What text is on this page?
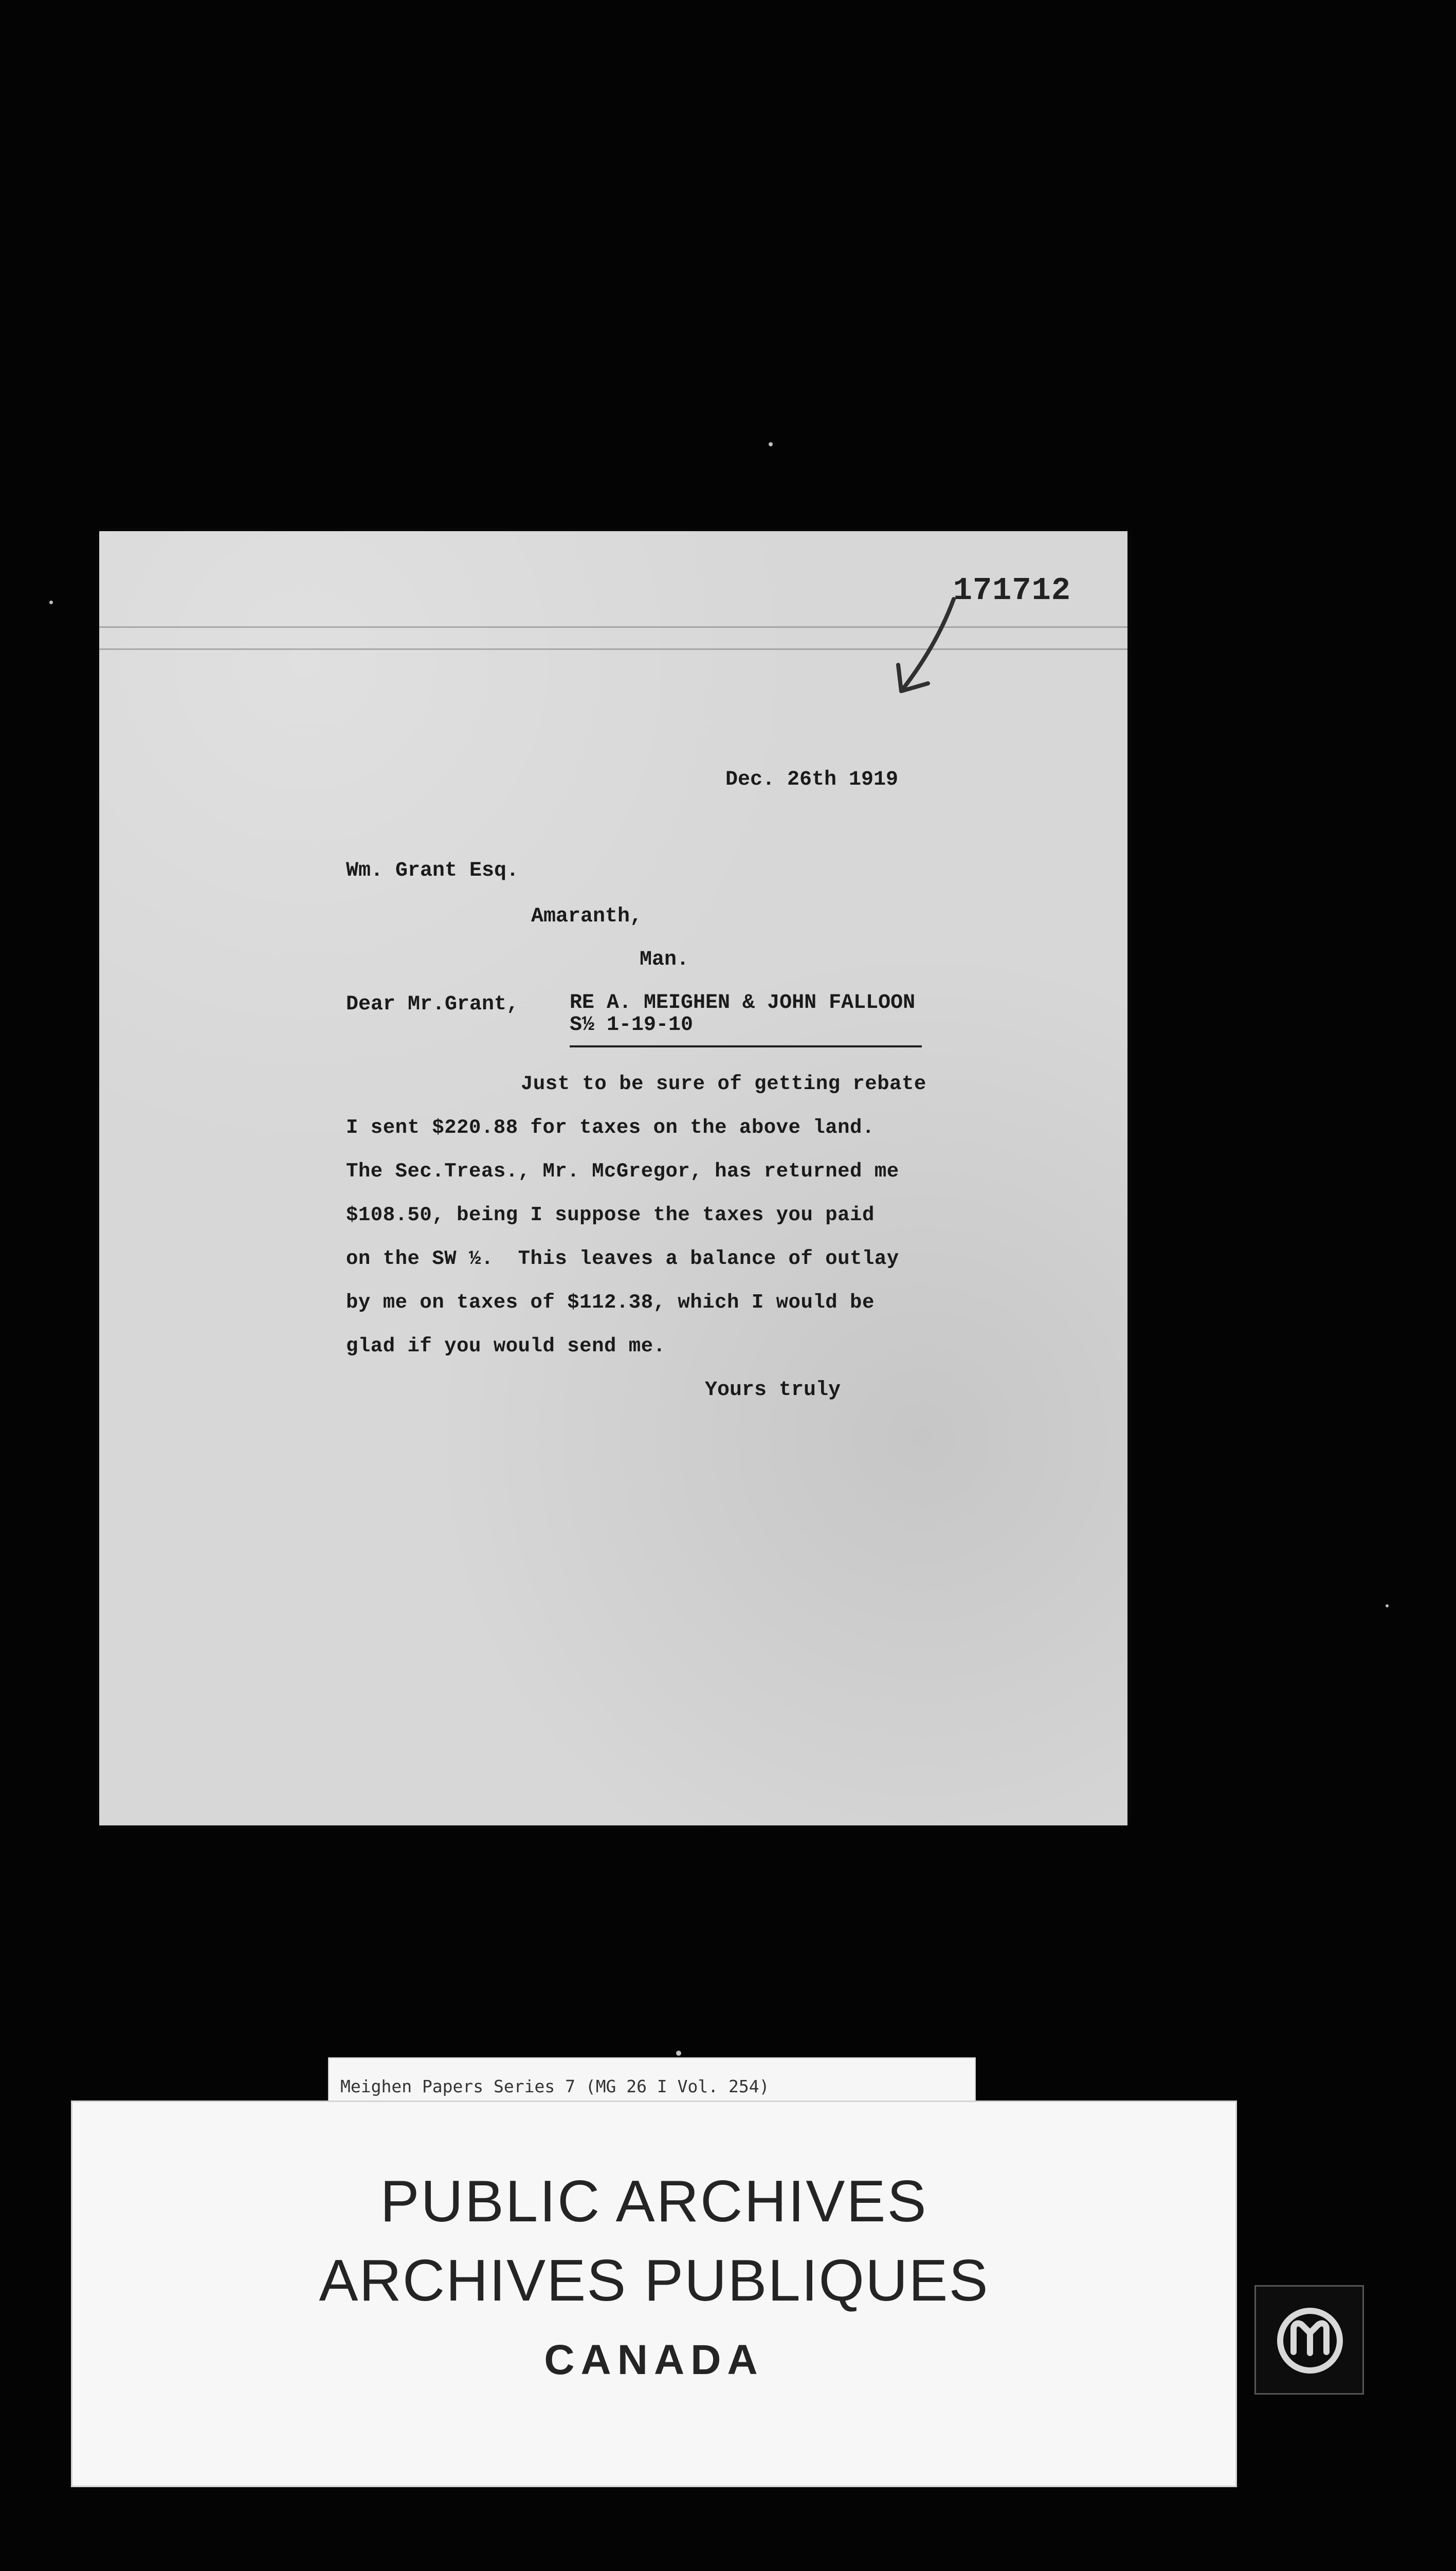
171712
Dec. 26th 1919
Wm. Grant Esq.
Amaranth,
Man.
Dear Mr.Grant, RE A. MEIGHEN & JOHN FALLOON
S½ 1-19-10
Just to be sure of getting rebate
I sent $220.88 for taxes on the above land.
The Sec.Treas., Mr. McGregor, has returned me
$108.50, being I suppose the taxes you paid
on the SW ½.  This leaves a balance of outlay
by me on taxes of $112.38, which I would be
glad if you would send me.
Yours truly
Meighen Papers Series 7 (MG 26 I Vol. 254)
PUBLIC ARCHIVES
ARCHIVES PUBLIQUES
CANADA
